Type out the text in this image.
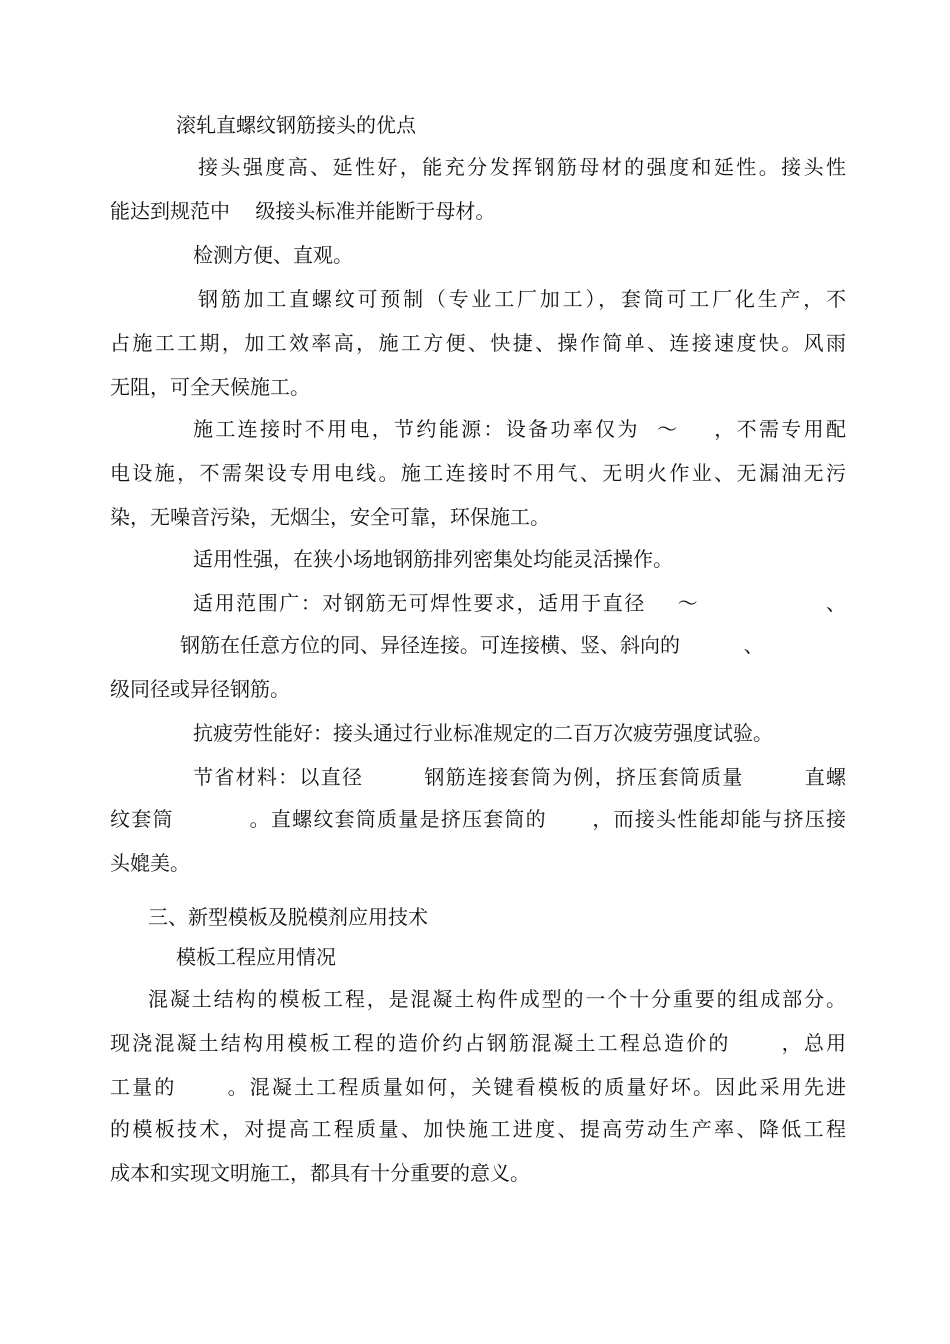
滚轧直螺纹钢筋接头的优点
接头强度高、延性好，能充分发挥钢筋母材的强度和延性。接头性
能达到规范中    级接头标准并能断于母材。
检测方便、直观。
钢筋加工直螺纹可预制（专业工厂加工），套筒可工厂化生产，不
占施工工期，加工效率高，施工方便、快捷、操作简单、连接速度快。风雨
无阻，可全天候施工。
施工连接时不用电，节约能源：设备功率仅为  ～    ，不需专用配
电设施，不需架设专用电线。施工连接时不用气、无明火作业、无漏油无污
染，无噪音污染，无烟尘，安全可靠，环保施工。
适用性强，在狭小场地钢筋排列密集处均能灵活操作。
适用范围广：对钢筋无可焊性要求，适用于直径    ～                、
钢筋在任意方位的同、异径连接。可连接横、竖、斜向的          、
级同径或异径钢筋。
抗疲劳性能好：接头通过行业标准规定的二百万次疲劳强度试验。
节省材料：以直径        钢筋连接套筒为例，挤压套筒质量        直螺
纹套筒          。直螺纹套筒质量是挤压套筒的      ，而接头性能却能与挤压接
头媲美。
三、新型模板及脱模剂应用技术
模板工程应用情况
混凝土结构的模板工程，是混凝土构件成型的一个十分重要的组成部分。
现浇混凝土结构用模板工程的造价约占钢筋混凝土工程总造价的      ，总用
工量的      。混凝土工程质量如何，关键看模板的质量好坏。因此采用先进
的模板技术，对提高工程质量、加快施工进度、提高劳动生产率、降低工程
成本和实现文明施工，都具有十分重要的意义。
